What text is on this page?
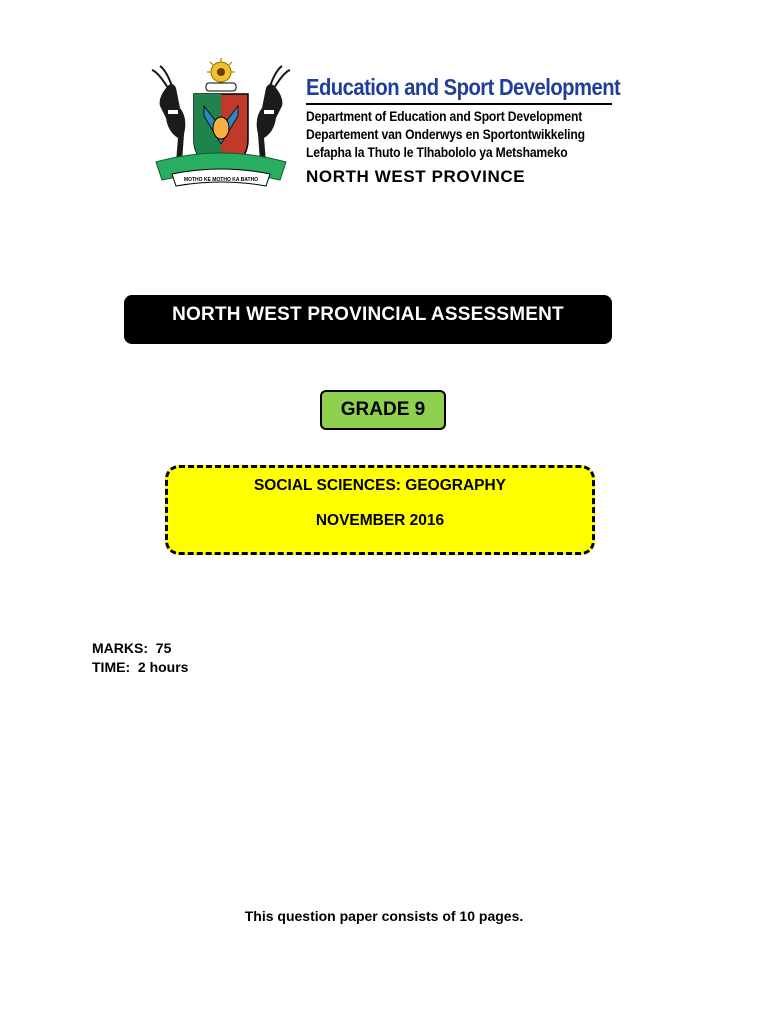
MOTHO KE MOTHO KA BATHO
Education and Sport Development
Department of Education and Sport Development
Departement van Onderwys en Sportontwikkeling
Lefapha la Thuto le Tlhabololo ya Metshameko
NORTH WEST PROVINCE
NORTH WEST PROVINCIAL ASSESSMENT
GRADE 9
SOCIAL SCIENCES: GEOGRAPHY
NOVEMBER 2016
MARKS: 75
TIME: 2 hours
This question paper consists of 10 pages.
